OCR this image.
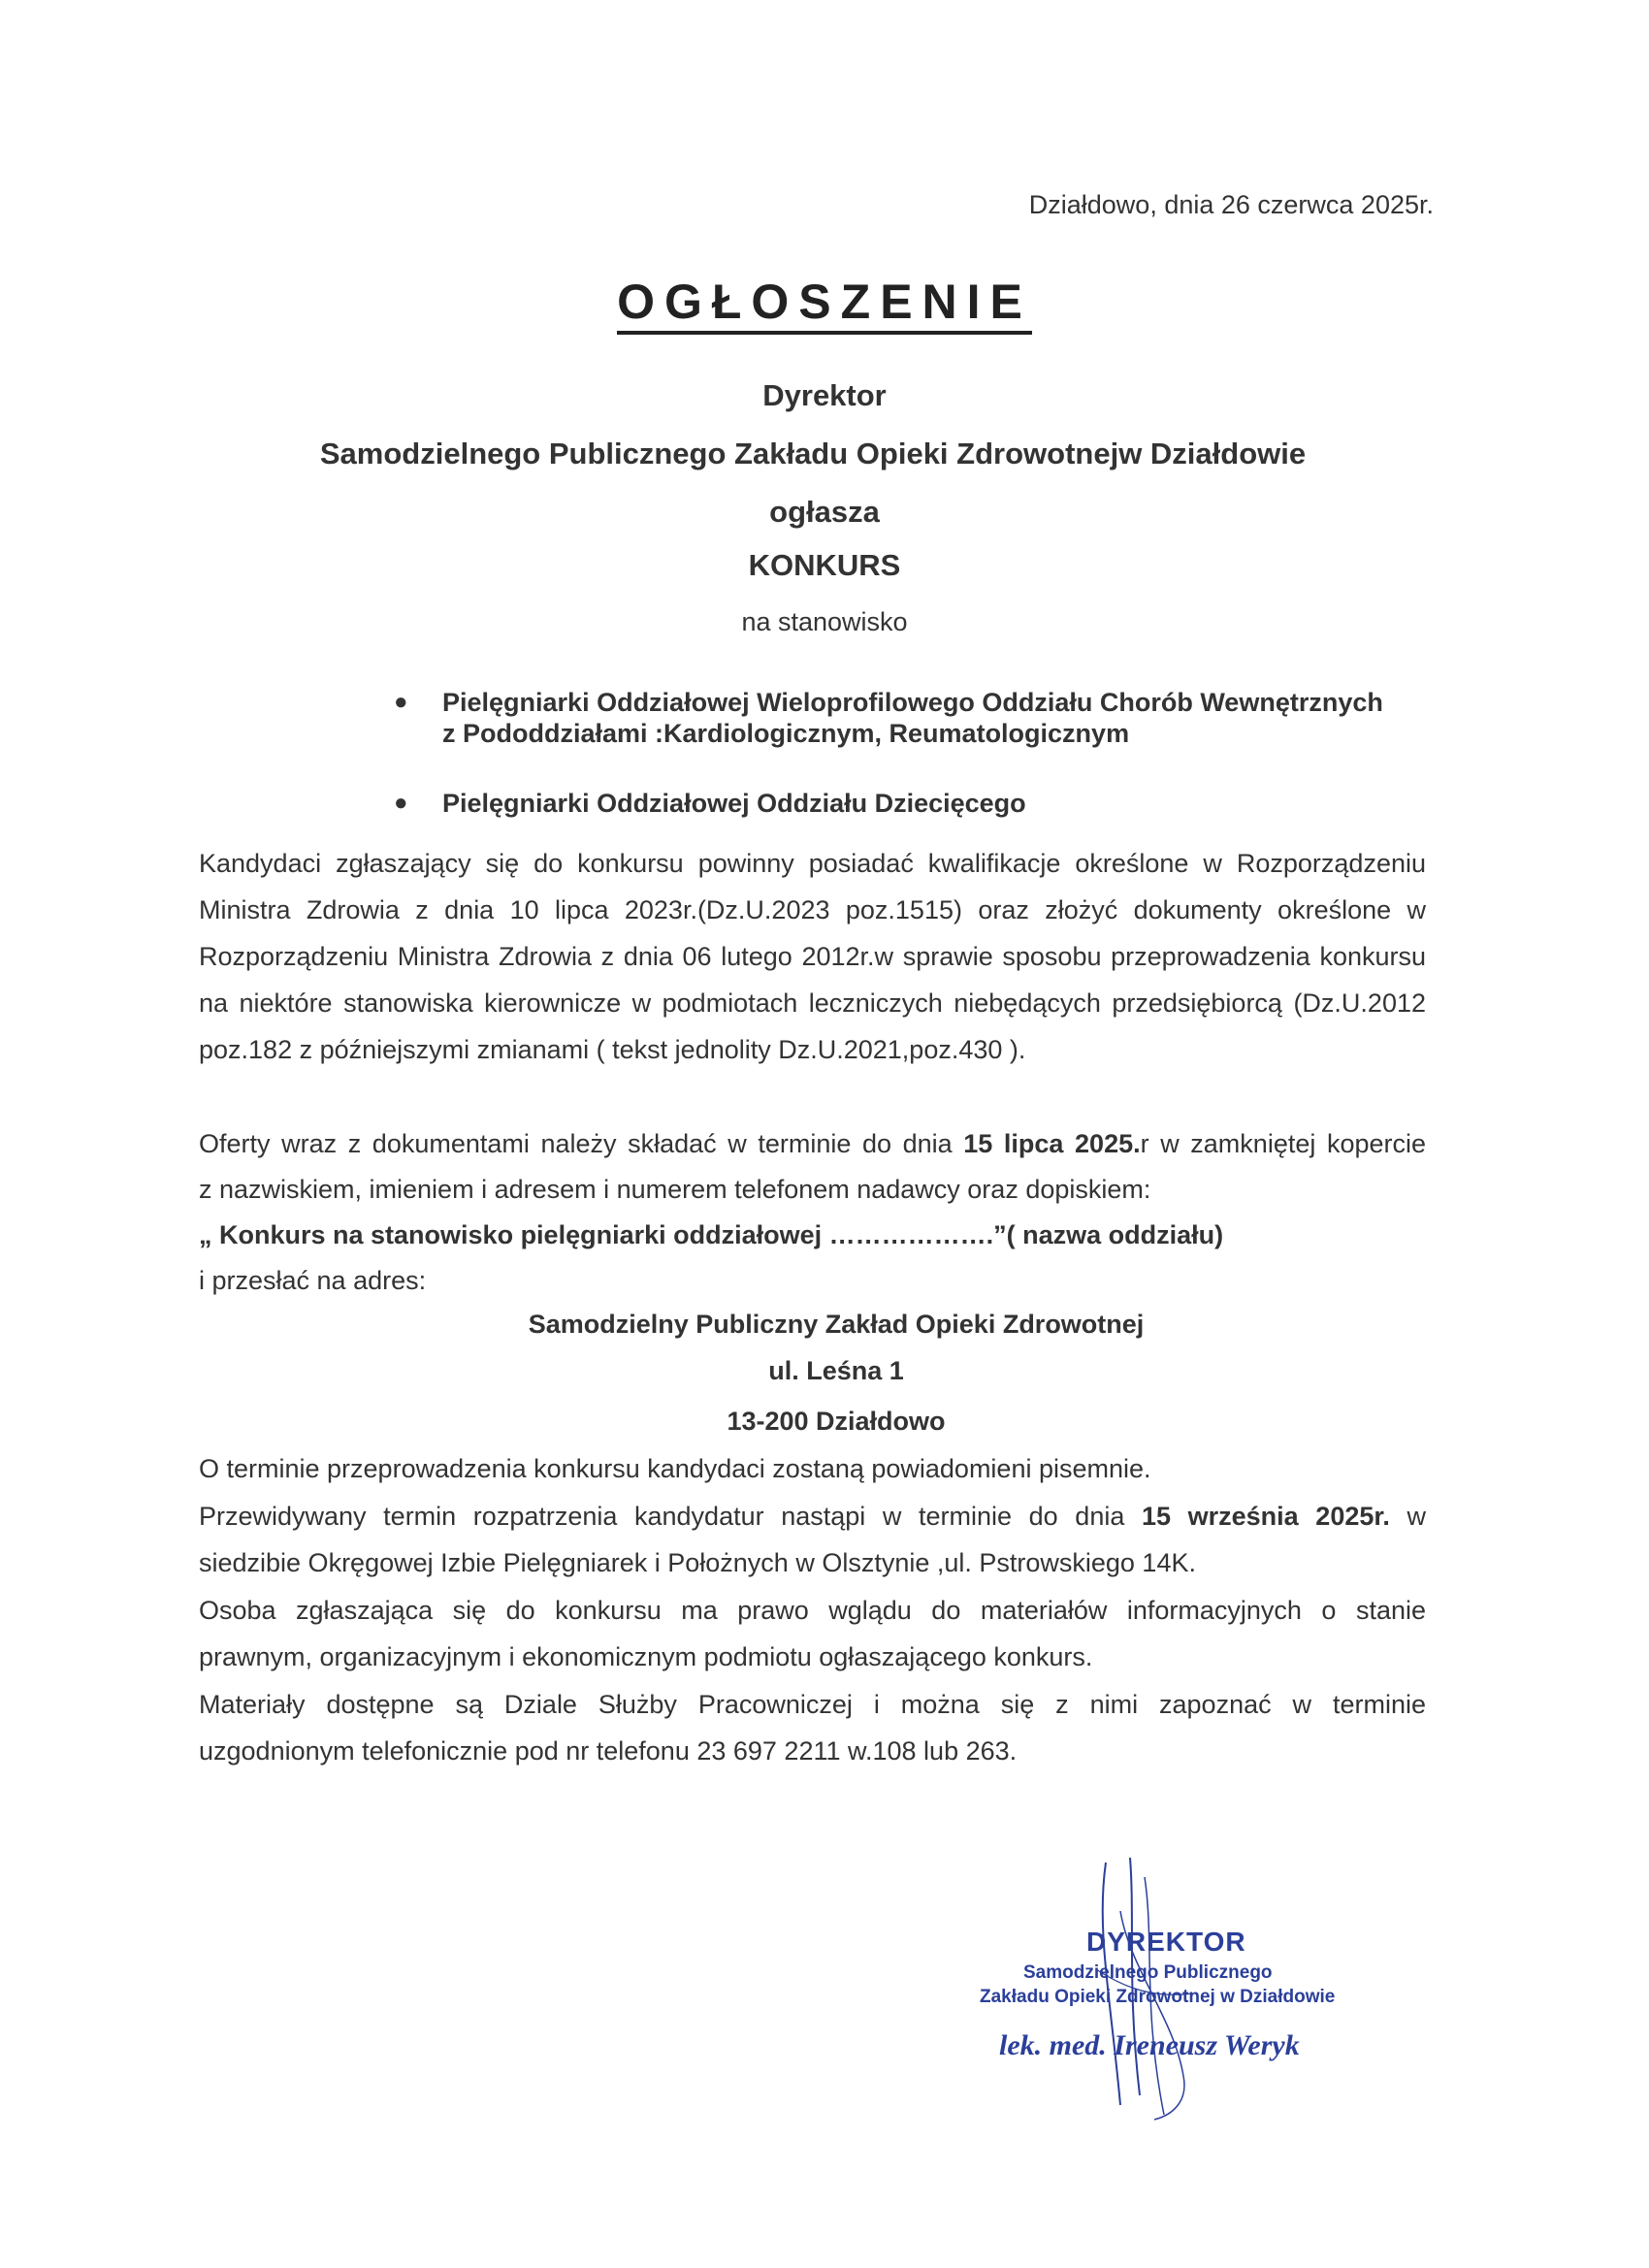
Działdowo, dnia 26 czerwca 2025r.
OGŁOSZENIE
Dyrektor
Samodzielnego Publicznego Zakładu Opieki Zdrowotnejw Działdowie
ogłasza
KONKURS
na stanowisko
● Pielęgniarki Oddziałowej Wieloprofilowego Oddziału Chorób Wewnętrznych
z Pododdziałami :Kardiologicznym, Reumatologicznym
● Pielęgniarki Oddziałowej Oddziału Dziecięcego
Kandydaci zgłaszający się do konkursu powinny posiadać kwalifikacje określone w Rozporządzeniu Ministra Zdrowia z dnia 10 lipca 2023r.(Dz.U.2023 poz.1515) oraz złożyć dokumenty określone w Rozporządzeniu Ministra Zdrowia z dnia 06 lutego 2012r.w sprawie sposobu przeprowadzenia konkursu na niektóre stanowiska kierownicze w podmiotach leczniczych niebędących przedsiębiorcą (Dz.U.2012 poz.182 z późniejszymi zmianami ( tekst jednolity Dz.U.2021,poz.430 ).
Oferty wraz z dokumentami należy składać w terminie do dnia 15 lipca 2025.r w zamkniętej kopercie
z nazwiskiem, imieniem i adresem i numerem telefonem nadawcy oraz dopiskiem:
„ Konkurs na stanowisko pielęgniarki oddziałowej ……………….”( nazwa oddziału)
i przesłać na adres:
Samodzielny Publiczny Zakład Opieki Zdrowotnej
ul. Leśna 1
13-200 Działdowo
O terminie przeprowadzenia konkursu kandydaci zostaną powiadomieni pisemnie.
Przewidywany termin rozpatrzenia kandydatur nastąpi w terminie do dnia 15 września 2025r. w
siedzibie Okręgowej Izbie Pielęgniarek i Położnych w Olsztynie ,ul. Pstrowskiego 14K.
Osoba zgłaszająca się do konkursu ma prawo wglądu do materiałów informacyjnych o stanie
prawnym, organizacyjnym i ekonomicznym podmiotu ogłaszającego konkurs.
Materiały dostępne są Dziale Służby Pracowniczej i można się z nimi zapoznać w terminie
uzgodnionym telefonicznie pod nr telefonu 23 697 2211 w.108 lub 263.
DYREKTOR
Samodzielnego Publicznego
Zakładu Opieki Zdrowotnej w Działdowie
lek. med. Ireneusz Weryk
